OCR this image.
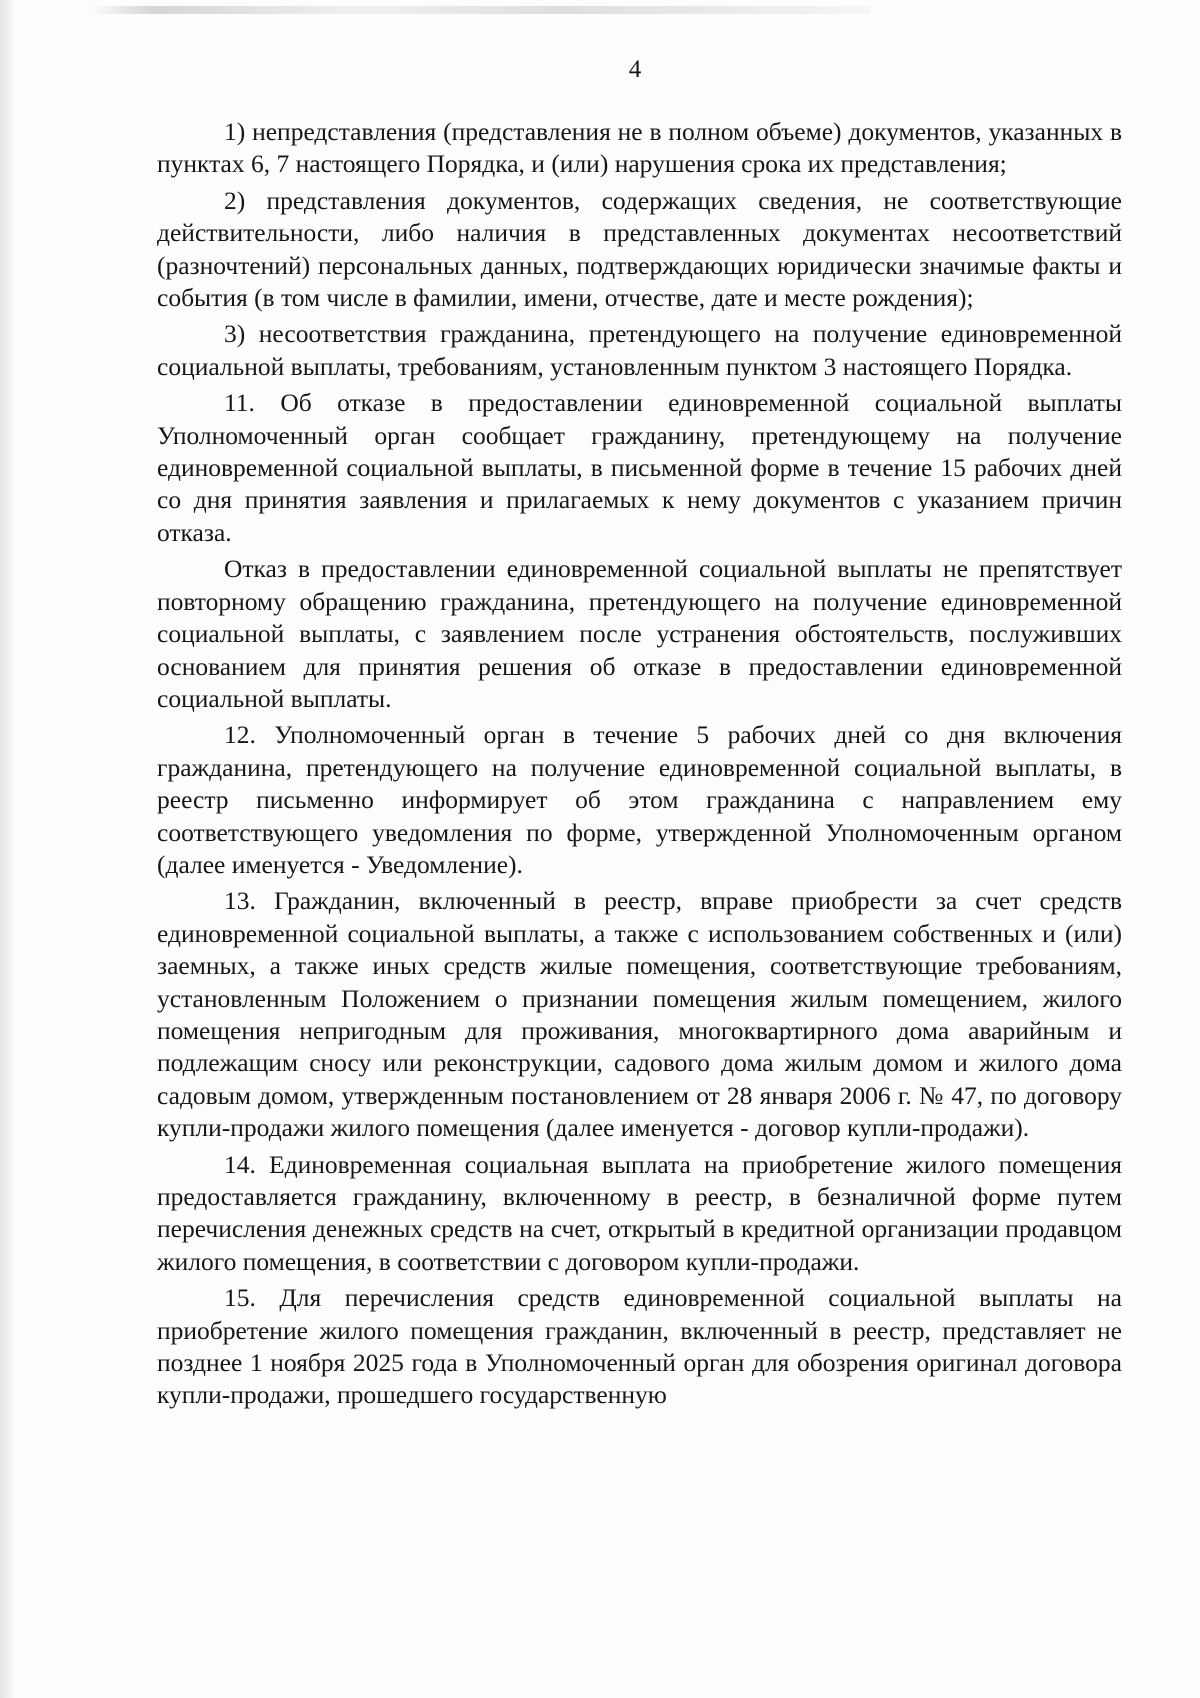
4

1) непредставления (представления не в полном объеме) документов, указанных в пунктах 6, 7 настоящего Порядка, и (или) нарушения срока их представления;

2) представления документов, содержащих сведения, не соответствующие действительности, либо наличия в представленных документах несоответствий (разночтений) персональных данных, подтверждающих юридически значимые факты и события (в том числе в фамилии, имени, отчестве, дате и месте рождения);

3) несоответствия гражданина, претендующего на получение единовременной социальной выплаты, требованиям, установленным пунктом 3 настоящего Порядка.

11. Об отказе в предоставлении единовременной социальной выплаты Уполномоченный орган сообщает гражданину, претендующему на получение единовременной социальной выплаты, в письменной форме в течение 15 рабочих дней со дня принятия заявления и прилагаемых к нему документов с указанием причин отказа.

Отказ в предоставлении единовременной социальной выплаты не препятствует повторному обращению гражданина, претендующего на получение единовременной социальной выплаты, с заявлением после устранения обстоятельств, послуживших основанием для принятия решения об отказе в предоставлении единовременной социальной выплаты.

12. Уполномоченный орган в течение 5 рабочих дней со дня включения гражданина, претендующего на получение единовременной социальной выплаты, в реестр письменно информирует об этом гражданина с направлением ему соответствующего уведомления по форме, утвержденной Уполномоченным органом (далее именуется - Уведомление).

13. Гражданин, включенный в реестр, вправе приобрести за счет средств единовременной социальной выплаты, а также с использованием собственных и (или) заемных, а также иных средств жилые помещения, соответствующие требованиям, установленным Положением о признании помещения жилым помещением, жилого помещения непригодным для проживания, многоквартирного дома аварийным и подлежащим сносу или реконструкции, садового дома жилым домом и жилого дома садовым домом, утвержденным постановлением от 28 января 2006 г. № 47, по договору купли-продажи жилого помещения (далее именуется - договор купли-продажи).

14. Единовременная социальная выплата на приобретение жилого помещения предоставляется гражданину, включенному в реестр, в безналичной форме путем перечисления денежных средств на счет, открытый в кредитной организации продавцом жилого помещения, в соответствии с договором купли-продажи.

15. Для перечисления средств единовременной социальной выплаты на приобретение жилого помещения гражданин, включенный в реестр, представляет не позднее 1 ноября 2025 года в Уполномоченный орган для обозрения оригинал договора купли-продажи, прошедшего государственную
